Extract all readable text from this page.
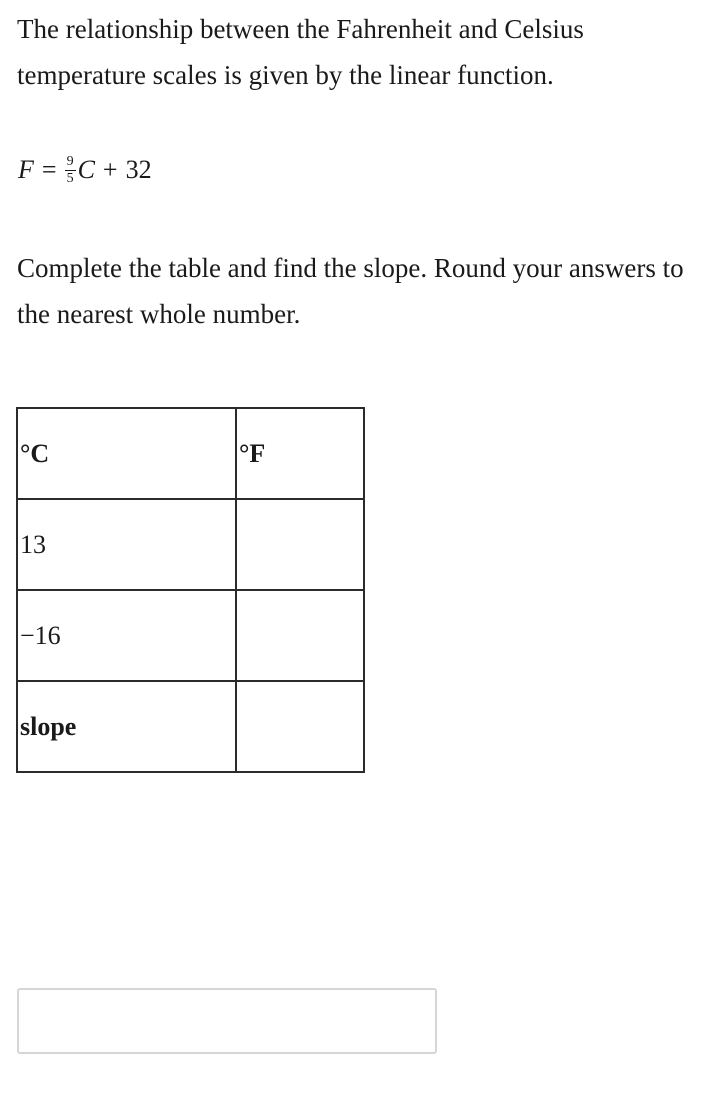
The relationship between the Fahrenheit and Celsius temperature scales is given by the linear function.

$F = \frac{9}{5}$ C + 32

Complete the table and find the slope. Round your answers to the nearest whole number.

°C	°F
13	
−16	
slope	
